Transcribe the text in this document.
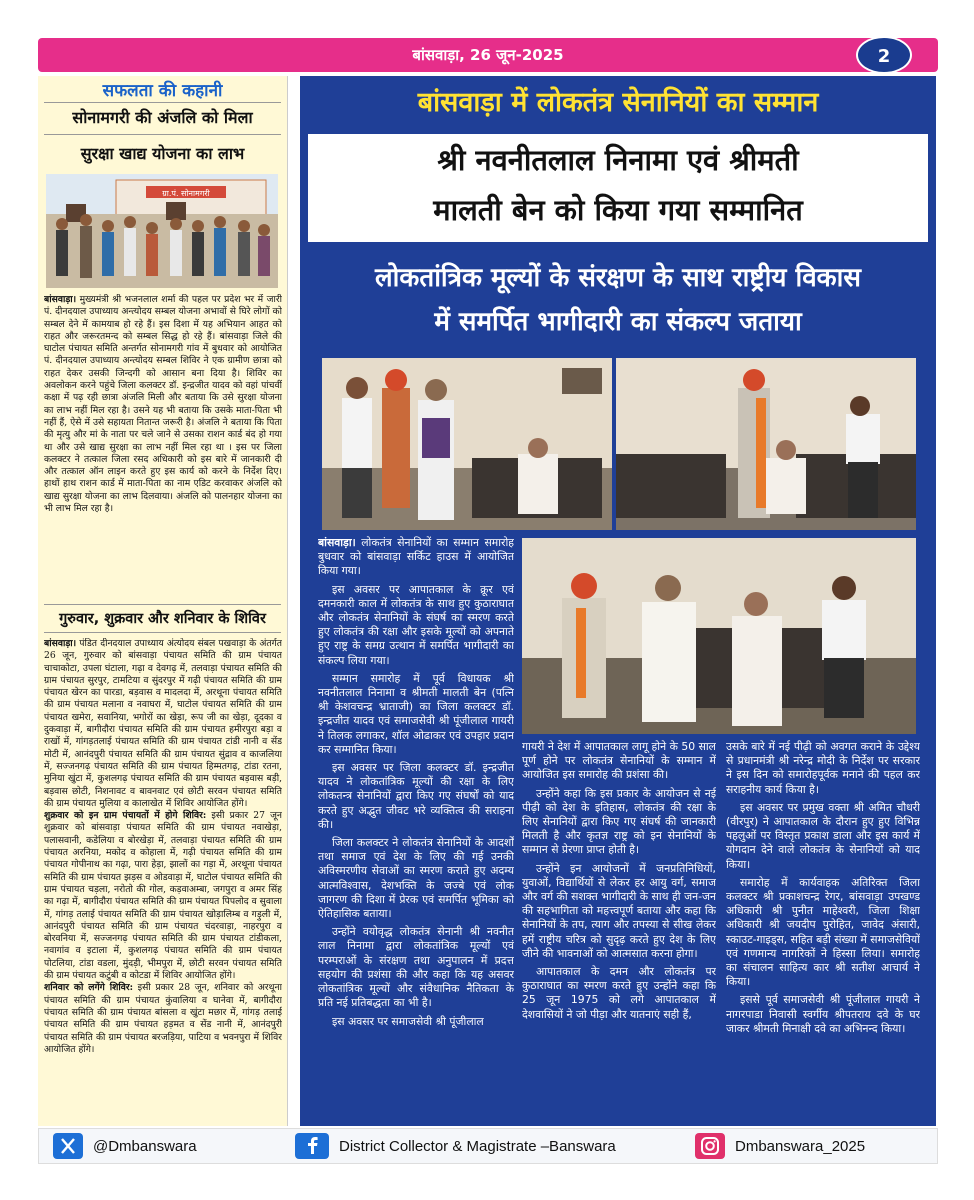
बांसवाड़ा, 26 जून-2025	2
सफलता की कहानी
सोनामगरी की अंजलि को मिला
सुरक्षा खाद्य योजना का लाभ
ग्रा.पं. सोनामगरी
बांसवाड़ा। मुख्यमंत्री श्री भजनलाल शर्मा की पहल पर प्रदेश भर में जारी पं. दीनदयाल उपाध्याय अन्त्योदय सम्बल योजना अभावों से घिरे लोगों को सम्बल देने में कामयाब हो रहे हैं। इस दिशा में यह अभियान आहत को राहत और जरूरतमन्द को सम्बल सिद्ध हो रहे हैं। बांसवाड़ा जिले की घाटोल पंचायत समिति अन्तर्गत सोनामगरी गांव में बुधवार को आयोजित पं. दीनदयाल उपाध्याय अन्त्योदय सम्बल शिविर ने एक ग्रामीण छात्रा को राहत देकर उसकी जिन्दगी को आसान बना दिया है। शिविर का अवलोकन करने पहुंचे जिला कलक्टर डॉ. इन्द्रजीत यादव को वहां पांचवीं कक्षा में पढ़ रही छात्रा अंजलि मिली और बताया कि उसे सुरक्षा योजना का लाभ नहीं मिल रहा है। उसने यह भी बताया कि उसके माता-पिता भी नहीं हैं, ऐसे में उसे सहायता नितान्त जरूरी है। अंजलि ने बताया कि पिता की मृत्यु और मां के नाता पर चले जाने से उसका राशन कार्ड बंद हो गया था और उसे खाद्य सुरक्षा का लाभ नहीं मिल रहा था । इस पर जिला कलक्टर ने तत्काल जिला रसद अधिकारी को इस बारे में जानकारी दी और तत्काल ऑन लाइन करते हुए इस कार्य को करने के निर्देश दिए। हाथों हाथ राशन कार्ड में माता-पिता का नाम एडिट करवाकर अंजलि को खाद्य सुरक्षा योजना का लाभ दिलवाया। अंजलि को पालनहार योजना का भी लाभ मिल रहा है।
गुरुवार, शुक्रवार और शनिवार के शिविर
बांसवाड़ा। पंडित दीनदयाल उपाध्याय अंत्योदय संबल पखवाड़ा के अंतर्गत 26 जून, गुरुवार को बांसवाड़ा पंचायत समिति की ग्राम पंचायत चाचाकोटा, उपला घंटाला, गढ़ा व देवगढ़ में, तलवाड़ा पंचायत समिति की ग्राम पंचायत सुरपुर, टामटिया व सुंदरपुर में गढ़ी पंचायत समिति की ग्राम पंचायत खेरन का पारडा, बड़वास व मादलदा में, अरथूना पंचायत समिति की ग्राम पंचायत मलाना व नवाघरा में, घाटोल पंचायत समिति की ग्राम पंचायत खमेरा, सवानिया, भगोरों का खेड़ा, रूप जी का खेड़ा, दूदका व दुकवाड़ा में, बागीदौरा पंचायत समिति की ग्राम पंचायत हमीरपुरा बड़ा व राखों में, गांगड़तलाई पंचायत समिति की ग्राम पंचायत टांडी नानी व सेंड मोटी में, आनंदपुरी पंचायत समिति की ग्राम पंचायत सुंद्राव व काजलिया में, सज्जनगढ़ पंचायत समिति की ग्राम पंचायत हिम्मतगढ़, टांडा रतना, मुनिया खुंटा में, कुशलगढ़ पंचायत समिति की ग्राम पंचायत बड़वास बड़ी, बड़वास छोटी, निशनावट व बावनवाट एवं छोटी सरवन पंचायत समिति की ग्राम पंचायत मुलिया व कालाखेत में शिविर आयोजित होंगे।
शुक्रवार को इन ग्राम पंचायतों में होगे शिविर: इसी प्रकार 27 जून शुक्रवार को बांसवाड़ा पंचायत समिति की ग्राम पंचायत नवाखेड़ा, पलासवानी, कडेलिया व बोरखेड़ा में, तलवाड़ा पंचायत समिति की ग्राम पंचायत अरनिया, मकोद व कोहाला में, गढ़ी पंचायत समिति की ग्राम पंचायत गोपीनाथ का गढ़ा, पारा हेड़ा, झालों का गड़ा में, अरथूना पंचायत समिति की ग्राम पंचायत झड़स व ओडवाड़ा में, घाटोल पंचायत समिति की ग्राम पंचायत चड़ला, नरोतो की गोल, कड़वाअम्बा, जगपुरा व अमर सिंह का गढ़ा में, बागीदौरा पंचायत समिति की ग्राम पंचायत पिपलोद व सुवाला में, गांगड़ तलाई पंचायत समिति की ग्राम पंचायत खोड़ालिम्ब व गड़ुली में, आनंदपुरी पंचायत समिति की ग्राम पंचायत चंदरवाड़ा, नाहरपुरा व बोरवनिया में, सज्जनगढ़ पंचायत समिति की ग्राम पंचायत टांडीकला, नवागांव व इटाला में, कुशलगढ़ पंचायत समिति की ग्राम पंचायत पोटलिया, टांडा वडला, मुंदड़ी, भीमपुरा में, छोटी सरवन पंचायत समिति की ग्राम पंचायत कटुंबी व कोटडा में शिविर आयोजित होंगे।
शनिवार को लगेंगे शिविर: इसी प्रकार 28 जून, शनिवार को अरथूना पंचायत समिति की ग्राम पंचायत कुंवालिया व घानेवा में, बागीदौरा पंचायत समिति की ग्राम पंचायत बांसला व खुंटा मछार में, गांगड़ तलाई पंचायत समिति की ग्राम पंचायत हड़मत व सेंड नानी में, आनंदपुरी पंचायत समिति की ग्राम पंचायत बरजड़िया, पाटिया व भवनपुरा में शिविर आयोजित होंगे।
बांसवाड़ा में लोकतंत्र सेनानियों का सम्मान
श्री नवनीतलाल निनामा एवं श्रीमती
मालती बेन को किया गया सम्मानित
लोकतांत्रिक मूल्यों के संरक्षण के साथ राष्ट्रीय विकास
में समर्पित भागीदारी का संकल्प जताया

बांसवाड़ा। लोकतंत्र सेनानियों का सम्मान समारोह बुधवार को बांसवाड़ा सर्किट हाउस में आयोजित किया गया।

इस अवसर पर आपातकाल के क्रूर एवं दमनकारी काल में लोकतंत्र के साथ हुए कुठाराघात और लोकतंत्र सेनानियों के संघर्ष का स्मरण करते हुए लोकतंत्र की रक्षा और इसके मूल्यों को अपनाते हुए राष्ट्र के समग्र उत्थान में समर्पित भागीदारी का संकल्प लिया गया।

सम्मान समारोह में पूर्व विधायक श्री नवनीतलाल निनामा व श्रीमती मालती बेन (पत्नि श्री केशवचन्द्र भ्राताजी) का जिला कलक्टर डॉ. इन्द्रजीत यादव एवं समाजसेवी श्री पूंजीलाल गायरी ने तिलक लगाकर, शॉल ओढाकर एवं उपहार प्रदान कर सम्मानित किया।

इस अवसर पर जिला कलक्टर डॉ. इन्द्रजीत यादव ने लोकतांत्रिक मूल्यों की रक्षा के लिए लोकतन्त्र सेनानियों द्वारा किए गए संघर्षों को याद करते हुए अद्भुत जीवट भरे व्यक्तित्व की सराहना की।

जिला कलक्टर ने लोकतंत्र सेनानियों के आदर्शों तथा समाज एवं देश के लिए की गई उनकी अविस्मरणीय सेवाओं का स्मरण कराते हुए अदम्य आत्मविश्वास, देशभक्ति के जज्बे एवं लोक जागरण की दिशा में प्रेरक एवं समर्पित भूमिका को ऐतिहासिक बताया।

उन्होंने वयोवृद्ध लोकतंत्र सेनानी श्री नवनीत लाल निनामा द्वारा लोकतांत्रिक मूल्यों एवं परम्पराओं के संरक्षण तथा अनुपालन में प्रदत्त सहयोग की प्रशंसा की और कहा कि यह असवर लोकतांत्रिक मूल्यों और संवैधानिक नैतिकता के प्रति नई प्रतिबद्धता का भी है।

इस अवसर पर समाजसेवी श्री पूंजीलाल

गायरी ने देश में आपातकाल लागू होने के 50 साल पूर्ण होने पर लोकतंत्र सेनानियों के सम्मान में आयोजित इस समारोह की प्रशंसा की।

उन्होंने कहा कि इस प्रकार के आयोजन से नई पीढ़ी को देश के इतिहास, लोकतंत्र की रक्षा के लिए सेनानियों द्वारा किए गए संघर्ष की जानकारी मिलती है और कृतज्ञ राष्ट्र को इन सेनानियों के सम्मान से प्रेरणा प्राप्त होती है।

उन्होंने इन आयोजनों में जनप्रतिनिधियों, युवाओं, विद्यार्थियों से लेकर हर आयु वर्ग, समाज और वर्ग की सशक्त भागीदारी के साथ ही जन-जन की सहभागिता को महत्त्वपूर्ण बताया और कहा कि सेनानियों के तप, त्याग और तपस्या से सीख लेकर हमें राष्ट्रीय चरित्र को सुदृढ़ करते हुए देश के लिए जीने की भावनाओं को आत्मसात करना होगा।

आपातकाल के दमन और लोकतंत्र पर कुठाराघात का स्मरण करते हुए उन्होंने कहा कि 25 जून 1975 को लगे आपातकाल में देशवासियों ने जो पीड़ा और यातनाएं सही हैं,

उसके बारे में नई पीढ़ी को अवगत कराने के उद्देश्य से प्रधानमंत्री श्री नरेन्द्र मोदी के निर्देश पर सरकार ने इस दिन को समारोहपूर्वक मनाने की पहल कर सराहनीय कार्य किया है।

इस अवसर पर प्रमुख वक्ता श्री अमित चौधरी (वीरपुर) ने आपातकाल के दौरान हुए हुए विभिन्न पहलुओं पर विस्तृत प्रकाश डाला और इस कार्य में योगदान देने वाले लोकतंत्र के सेनानियों को याद किया।

समारोह में कार्यवाहक अतिरिक्त जिला कलक्टर श्री प्रकाशचन्द्र रेगर, बांसवाड़ा उपखण्ड अधिकारी श्री पुनीत माहेश्वरी, जिला शिक्षा अधिकारी श्री जयदीप पुरोहित, जावेद अंसारी, स्काउट-गाइड्स, सहित बड़ी संख्या में समाजसेवियों एवं गणमान्य नागरिकों ने हिस्सा लिया। समारोह का संचालन साहित्य कार श्री सतीश आचार्य ने किया।

इससे पूर्व समाजसेवी श्री पूंजीलाल गायरी ने नागरपाडा निवासी स्वर्गीय श्रीपतराय दवे के घर जाकर श्रीमती मिनाक्षी दवे का अभिनन्द किया।

@Dmbanswara	District Collector & Magistrate –Banswara	Dmbanswara_2025
